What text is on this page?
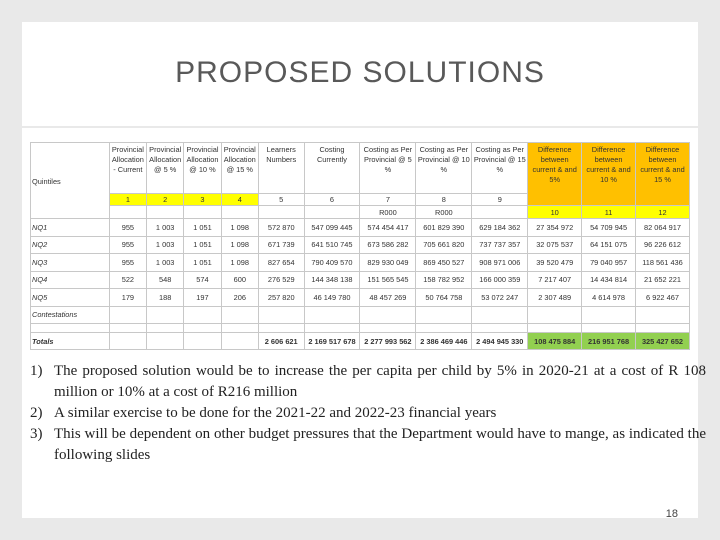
PROPOSED SOLUTIONS
Quintiles	Provincial Allocation - Current	Provincial Allocation @ 5 %	Provincial Allocation @ 10 %	Provincial Allocation @ 15 %	Learners Numbers	Costing Currently	Costing as Per Provincial @ 5 %	Costing as Per Provincial @ 10 %	Costing as Per Provincial @ 15 %	Difference between current & and 5%	Difference between current & and 10 %	Difference between current & and 15 %
	1	2	3	4	5	6	7	8	9			
							R000	R000		10	11	12
NQ1	955	1 003	1 051	1 098	572 870	547 099 445	574 454 417	601 829 390	629 184 362	27 354 972	54 709 945	82 064 917
NQ2	955	1 003	1 051	1 098	671 739	641 510 745	673 586 282	705 661 820	737 737 357	32 075 537	64 151 075	96 226 612
NQ3	955	1 003	1 051	1 098	827 654	790 409 570	829 930 049	869 450 527	908 971 006	39 520 479	79 040 957	118 561 436
NQ4	522	548	574	600	276 529	144 348 138	151 565 545	158 782 952	166 000 359	7 217 407	14 434 814	21 652 221
NQ5	179	188	197	206	257 820	46 149 780	48 457 269	50 764 758	53 072 247	2 307 489	4 614 978	6 922 467
Contestations												

Totals					2 606 621	2 169 517 678	2 277 993 562	2 386 469 446	2 494 945 330	108 475 884	216 951 768	325 427 652
1) The proposed solution would be to increase the per capita per child by 5% in 2020-21 at a cost of R 108 million or 10% at a cost of R216 million
2) A similar exercise to be done for the 2021-22 and 2022-23 financial years
3) This will be dependent on other budget pressures that the Department would have to mange, as indicated the following slides
18
